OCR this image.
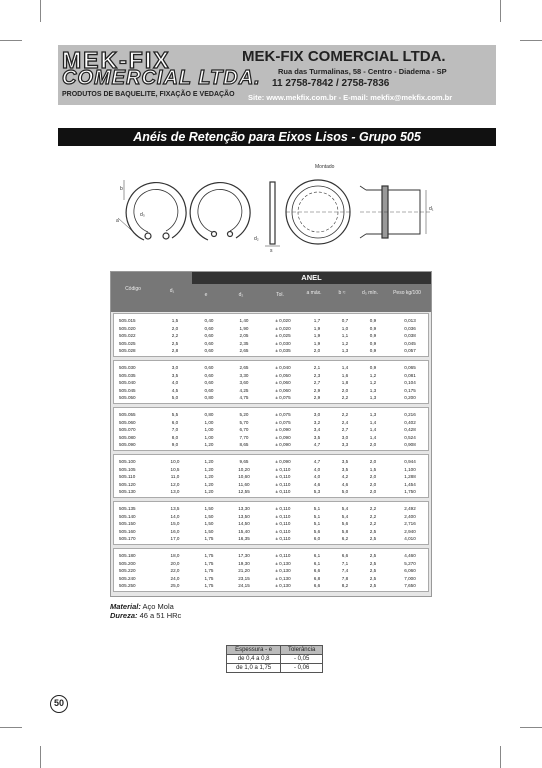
MEK-FIX
COMERCIAL LTDA.
PRODUTOS DE BAQUELITE, FIXAÇÃO E VEDAÇÃO
MEK-FIX COMERCIAL LTDA.
Rua das Turmalinas, 58 - Centro - Diadema - SP
11 2758-7842 / 2758-7836
Site: www.mekfix.com.br - E-mail: mekfix@mekfix.com.br
Anéis de Retenção para Eixos Lisos - Grupo 505
Montado
b
a
d₃
d₂
s
d₁
ANEL
Código	d₁
e	d₂	Tol.	a máx.	b ≈	d₃ mín.	Peso kg/100
505.015	1,5	0,40	1,40	± 0,020	1,7	0,7	0,9	0,013
505.020	2,0	0,60	1,90	± 0,020	1,9	1,0	0,9	0,036
505.022	2,2	0,60	2,05	± 0,025	1,9	1,1	0,9	0,038
505.025	2,5	0,60	2,35	± 0,030	1,9	1,2	0,9	0,045
505.028	2,8	0,60	2,65	± 0,035	2,0	1,3	0,9	0,057
505.030	3,0	0,60	2,65	± 0,040	2,1	1,4	0,9	0,065
505.035	3,5	0,60	3,30	± 0,050	2,3	1,6	1,2	0,081
505.040	4,0	0,60	3,60	± 0,060	2,7	1,8	1,2	0,104
505.045	4,5	0,60	4,25	± 0,060	2,9	2,0	1,3	0,175
505.050	5,0	0,80	4,75	± 0,075	2,9	2,2	1,3	0,200
505.055	5,5	0,80	5,20	± 0,075	3,0	2,2	1,3	0,216
505.060	6,0	1,00	5,70	± 0,075	3,2	2,4	1,4	0,402
505.070	7,0	1,00	6,70	± 0,090	3,4	2,7	1,4	0,428
505.080	8,0	1,00	7,70	± 0,090	3,5	3,0	1,4	0,524
505.090	9,0	1,20	8,65	± 0,090	4,7	3,3	2,0	0,908
505.100	10,0	1,20	9,65	± 0,090	4,7	3,5	2,0	0,944
505.105	10,5	1,20	10,20	± 0,110	4,0	3,5	1,5	1,100
505.110	11,0	1,20	10,60	± 0,110	4,0	4,2	2,0	1,288
505.120	12,0	1,20	11,60	± 0,110	4,6	4,6	2,0	1,454
505.130	13,0	1,20	12,55	± 0,110	5,3	5,0	2,0	1,750
505.135	13,5	1,50	13,30	± 0,110	5,1	5,4	2,2	2,492
505.140	14,0	1,50	13,50	± 0,110	5,1	5,4	2,2	2,400
505.150	15,0	1,50	14,50	± 0,110	5,1	5,6	2,2	2,716
505.160	16,0	1,50	15,40	± 0,110	5,6	5,8	2,5	2,940
505.170	17,0	1,75	16,35	± 0,110	6,0	6,2	2,5	4,010
505.180	18,0	1,75	17,30	± 0,110	6,1	6,6	2,5	4,460
505.200	20,0	1,75	19,30	± 0,130	6,1	7,1	2,5	5,270
505.220	22,0	1,75	21,20	± 0,130	6,6	7,4	2,5	6,060
505.240	24,0	1,75	23,15	± 0,130	6,8	7,8	2,5	7,000
505.250	25,0	1,75	24,15	± 0,130	6,6	8,2	2,5	7,650
Material: Aço Mola
Dureza: 46 a 51 HRc
Espessura - e	Tolerância
de 0,4 a 0,8	- 0,05
de 1,0 a 1,75	- 0,06
50
